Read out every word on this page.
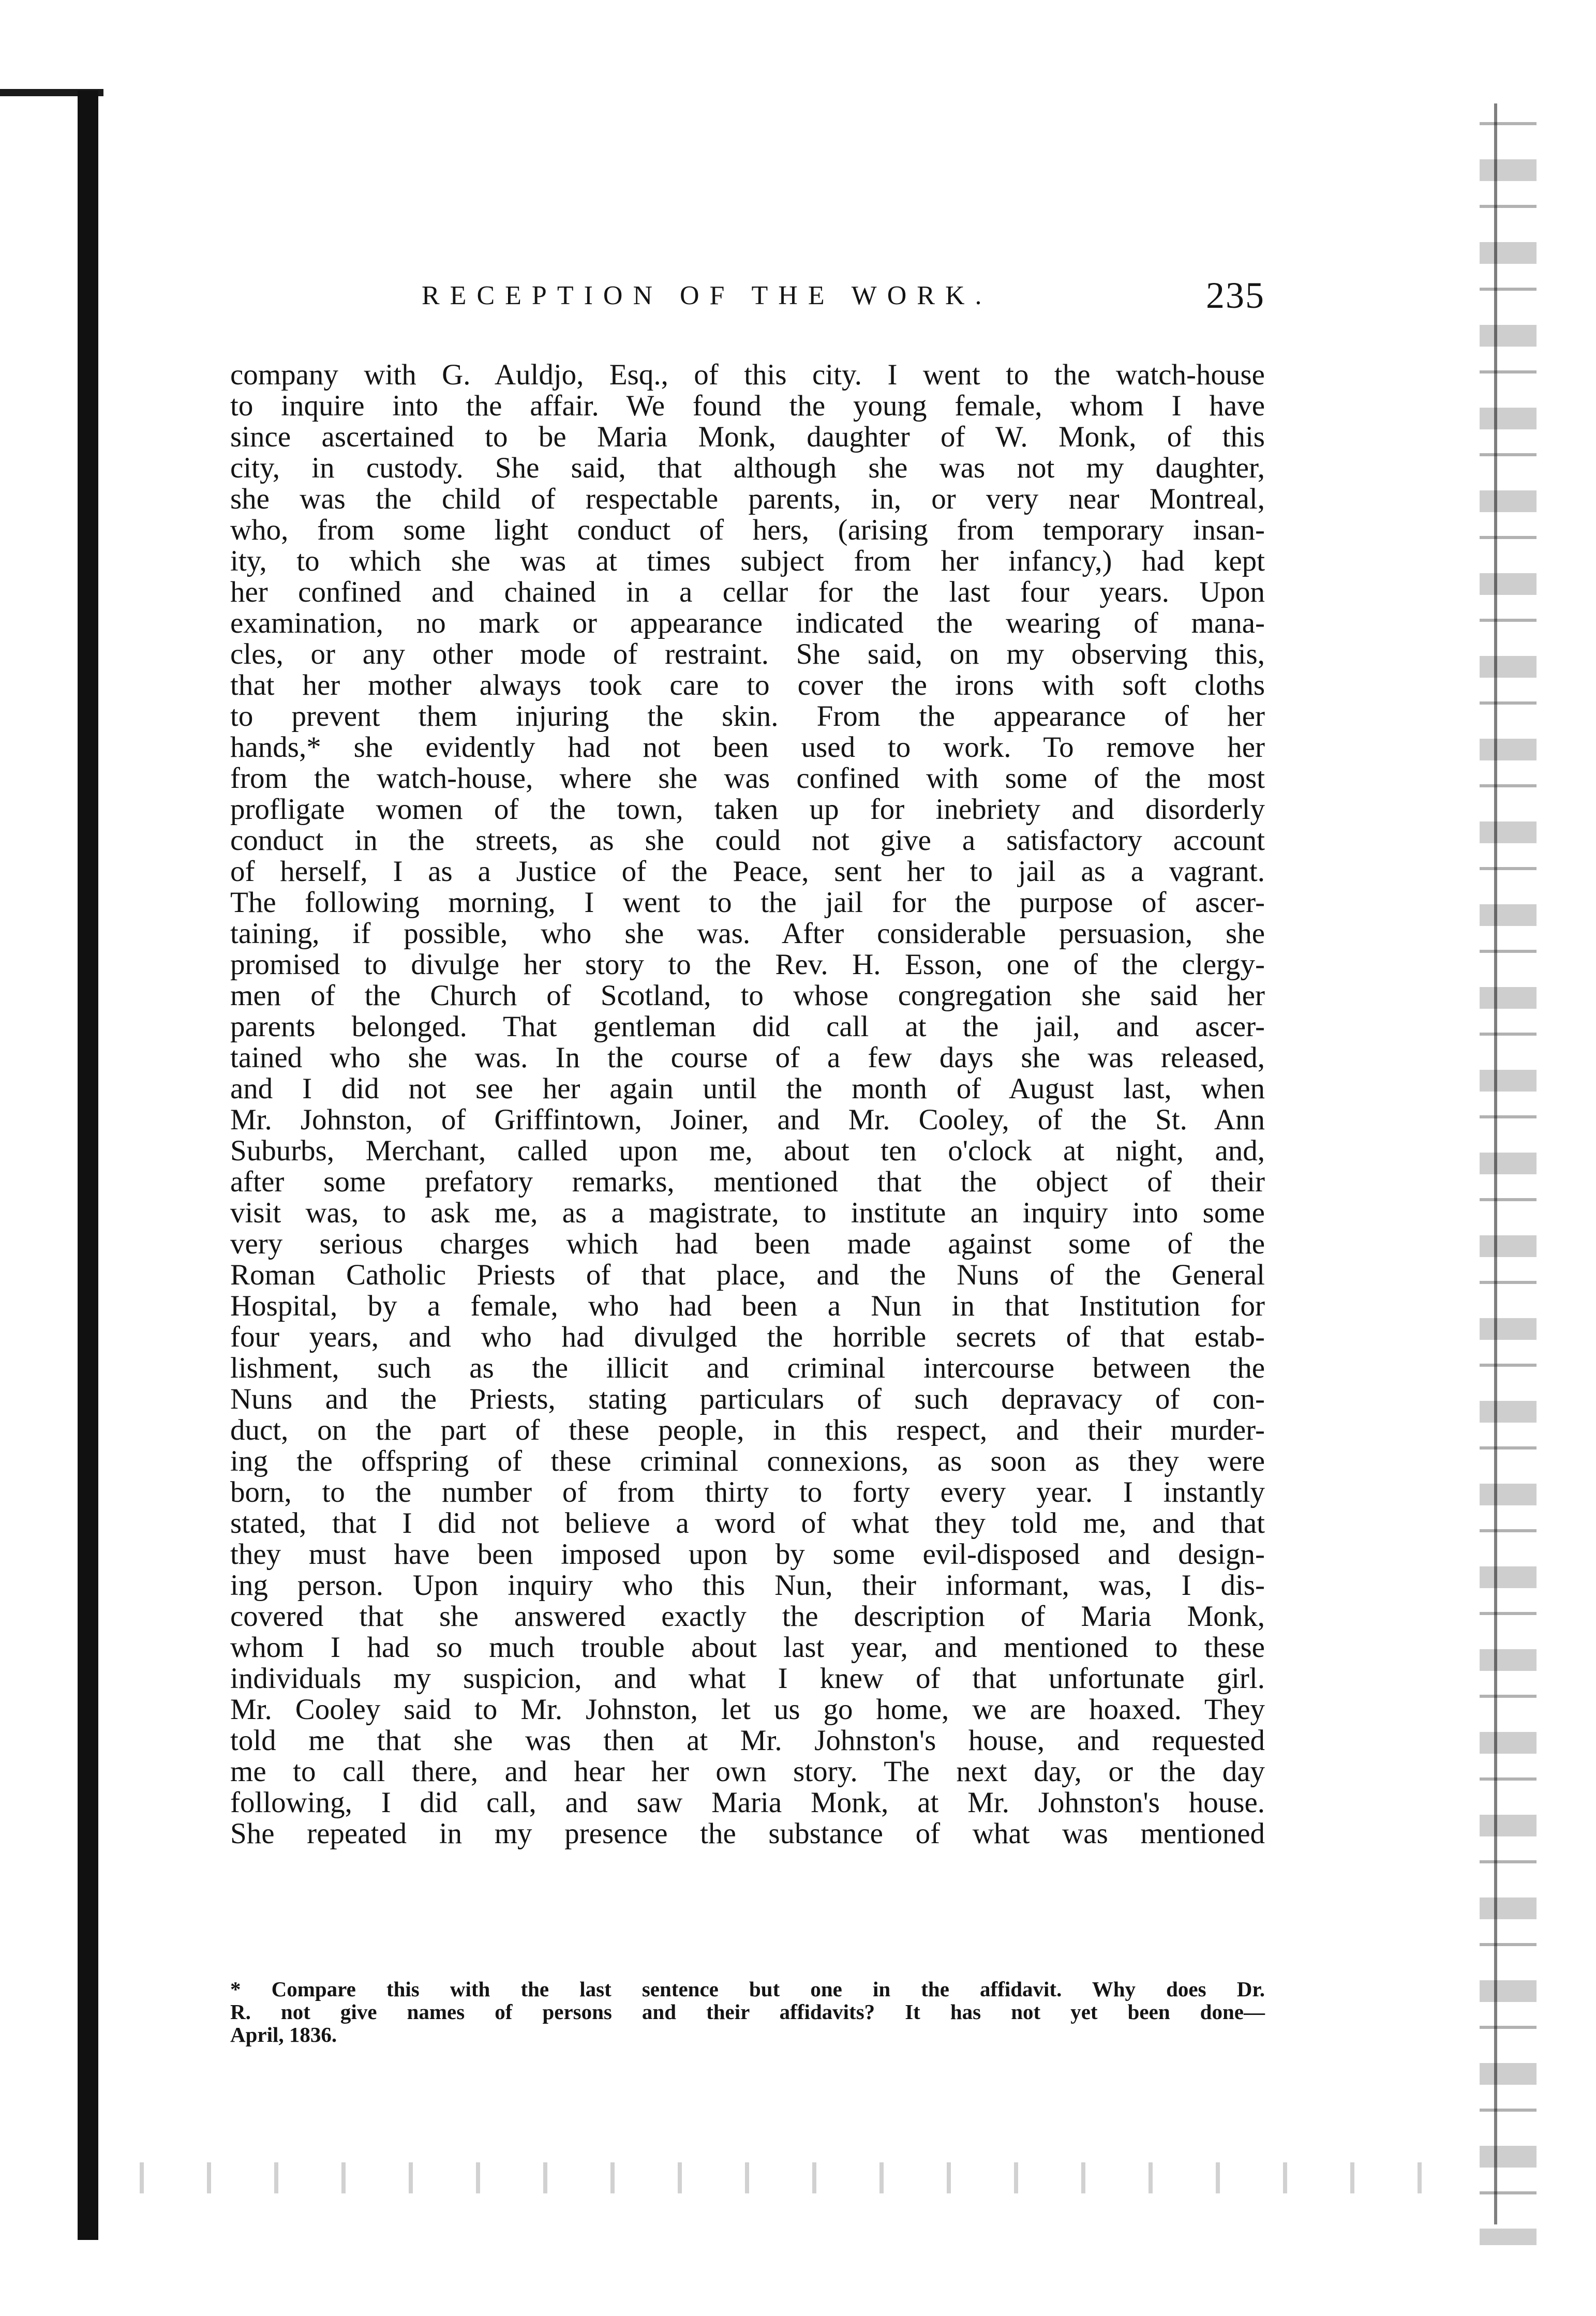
RECEPTION OF THE WORK.	235
company with G. Auldjo, Esq., of this city. I went to the watch-house
to inquire into the affair. We found the young female, whom I have
since ascertained to be Maria Monk, daughter of W. Monk, of this
city, in custody. She said, that although she was not my daughter,
she was the child of respectable parents, in, or very near Montreal,
who, from some light conduct of hers, (arising from temporary insan-
ity, to which she was at times subject from her infancy,) had kept
her confined and chained in a cellar for the last four years. Upon
examination, no mark or appearance indicated the wearing of mana-
cles, or any other mode of restraint. She said, on my observing this,
that her mother always took care to cover the irons with soft cloths
to prevent them injuring the skin. From the appearance of her
hands,* she evidently had not been used to work. To remove her
from the watch-house, where she was confined with some of the most
profligate women of the town, taken up for inebriety and disorderly
conduct in the streets, as she could not give a satisfactory account
of herself, I as a Justice of the Peace, sent her to jail as a vagrant.
The following morning, I went to the jail for the purpose of ascer-
taining, if possible, who she was. After considerable persuasion, she
promised to divulge her story to the Rev. H. Esson, one of the clergy-
men of the Church of Scotland, to whose congregation she said her
parents belonged. That gentleman did call at the jail, and ascer-
tained who she was. In the course of a few days she was released,
and I did not see her again until the month of August last, when
Mr. Johnston, of Griffintown, Joiner, and Mr. Cooley, of the St. Ann
Suburbs, Merchant, called upon me, about ten o'clock at night, and,
after some prefatory remarks, mentioned that the object of their
visit was, to ask me, as a magistrate, to institute an inquiry into some
very serious charges which had been made against some of the
Roman Catholic Priests of that place, and the Nuns of the General
Hospital, by a female, who had been a Nun in that Institution for
four years, and who had divulged the horrible secrets of that estab-
lishment, such as the illicit and criminal intercourse between the
Nuns and the Priests, stating particulars of such depravacy of con-
duct, on the part of these people, in this respect, and their murder-
ing the offspring of these criminal connexions, as soon as they were
born, to the number of from thirty to forty every year. I instantly
stated, that I did not believe a word of what they told me, and that
they must have been imposed upon by some evil-disposed and design-
ing person. Upon inquiry who this Nun, their informant, was, I dis-
covered that she answered exactly the description of Maria Monk,
whom I had so much trouble about last year, and mentioned to these
individuals my suspicion, and what I knew of that unfortunate girl.
Mr. Cooley said to Mr. Johnston, let us go home, we are hoaxed. They
told me that she was then at Mr. Johnston's house, and requested
me to call there, and hear her own story. The next day, or the day
following, I did call, and saw Maria Monk, at Mr. Johnston's house.
She repeated in my presence the substance of what was mentioned
* Compare this with the last sentence but one in the affidavit. Why does Dr.
R. not give names of persons and their affidavits? It has not yet been done—
April, 1836.
